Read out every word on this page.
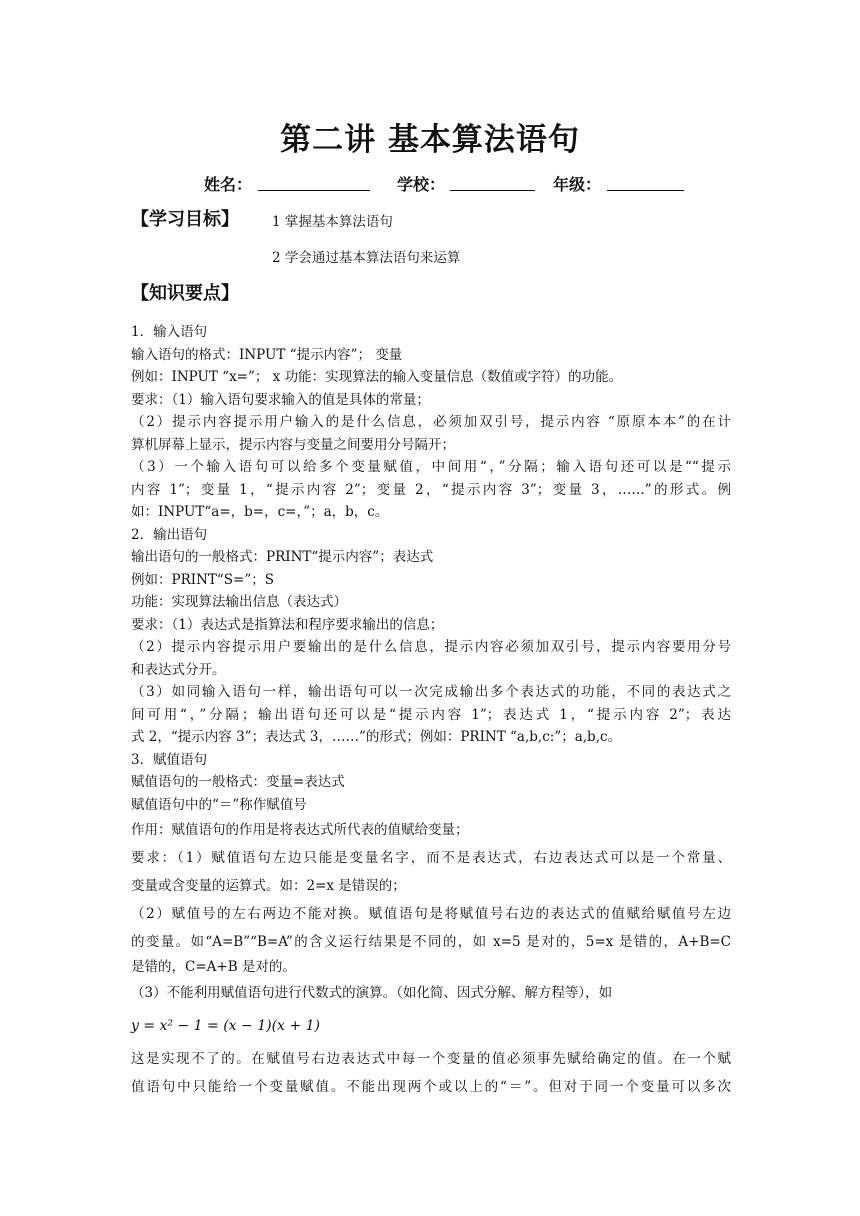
第二讲 基本算法语句
姓名：	学校：	年级：
【学习目标】 1 掌握基本算法语句
2 学会通过基本算法语句来运算
【知识要点】
1．输入语句
输入语句的格式：INPUT “提示内容”； 变量
例如：INPUT “x=”； x 功能：实现算法的输入变量信息（数值或字符）的功能。
要求：（1）输入语句要求输入的值是具体的常量；
（2）提示内容提示用户输入的是什么信息，必须加双引号，提示内容 “原原本本”的在计
算机屏幕上显示，提示内容与变量之间要用分号隔开；
（3）一个输入语句可以给多个变量赋值，中间用“，”分隔；输入语句还可以是““提示
内容 1”；变量 1，“提示内容 2”；变量 2，“提示内容 3”；变量 3，……”的形式。例
如：INPUT“a=，b=，c=，”；a，b，c。
2．输出语句
输出语句的一般格式：PRINT“提示内容”；表达式
例如：PRINT“S=”；S
功能：实现算法输出信息（表达式）
要求：（1）表达式是指算法和程序要求输出的信息；
（2）提示内容提示用户要输出的是什么信息，提示内容必须加双引号，提示内容要用分号
和表达式分开。
（3）如同输入语句一样，输出语句可以一次完成输出多个表达式的功能，不同的表达式之
间可用“，”分隔；输出语句还可以是“提示内容 1”；表达式 1，“提示内容 2”；表达
式 2，“提示内容 3”；表达式 3，……”的形式；例如：PRINT “a,b,c:”；a,b,c。
3．赋值语句
赋值语句的一般格式：变量=表达式
赋值语句中的“＝”称作赋值号
作用：赋值语句的作用是将表达式所代表的值赋给变量；
要求：（1）赋值语句左边只能是变量名字，而不是表达式，右边表达式可以是一个常量、
变量或含变量的运算式。如：2=x 是错误的；
（2）赋值号的左右两边不能对换。赋值语句是将赋值号右边的表达式的值赋给赋值号左边
的变量。如“A=B”“B=A”的含义运行结果是不同的，如 x=5 是对的，5=x 是错的，A+B=C
是错的，C=A+B 是对的。
（3）不能利用赋值语句进行代数式的演算。（如化简、因式分解、解方程等），如
y = x² − 1 = (x − 1)(x + 1)
这是实现不了的。在赋值号右边表达式中每一个变量的值必须事先赋给确定的值。在一个赋
值语句中只能给一个变量赋值。不能出现两个或以上的“＝”。但对于同一个变量可以多次
